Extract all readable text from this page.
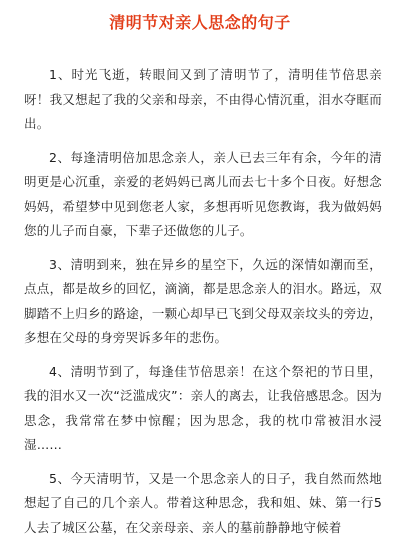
清明节对亲人思念的句子

1、时光飞逝，转眼间又到了清明节了，清明佳节倍思亲呀！我又想起了我的父亲和母亲，不由得心情沉重，泪水夺眶而出。

2、每逢清明倍加思念亲人，亲人已去三年有余，今年的清明更是心沉重，亲爱的老妈妈已离儿而去七十多个日夜。好想念妈妈，希望梦中见到您老人家，多想再听见您教诲，我为做妈妈您的儿子而自豪，下辈子还做您的儿子。

3、清明到来，独在异乡的星空下，久远的深情如潮而至，点点，都是故乡的回忆，滴滴，都是思念亲人的泪水。路远，双脚踏不上归乡的路途，一颗心却早已飞到父母双亲坟头的旁边，多想在父母的身旁哭诉多年的悲伤。

4、清明节到了，每逢佳节倍思亲！在这个祭祀的节日里，我的泪水又一次“泛滥成灾”：亲人的离去，让我倍感思念。因为思念，我常常在梦中惊醒；因为思念，我的枕巾常被泪水浸湿……

5、今天清明节，又是一个思念亲人的日子，我自然而然地想起了自己的几个亲人。带着这种思念，我和姐、妹、第一行5人去了城区公墓，在父亲母亲、亲人的墓前静静地守候着
